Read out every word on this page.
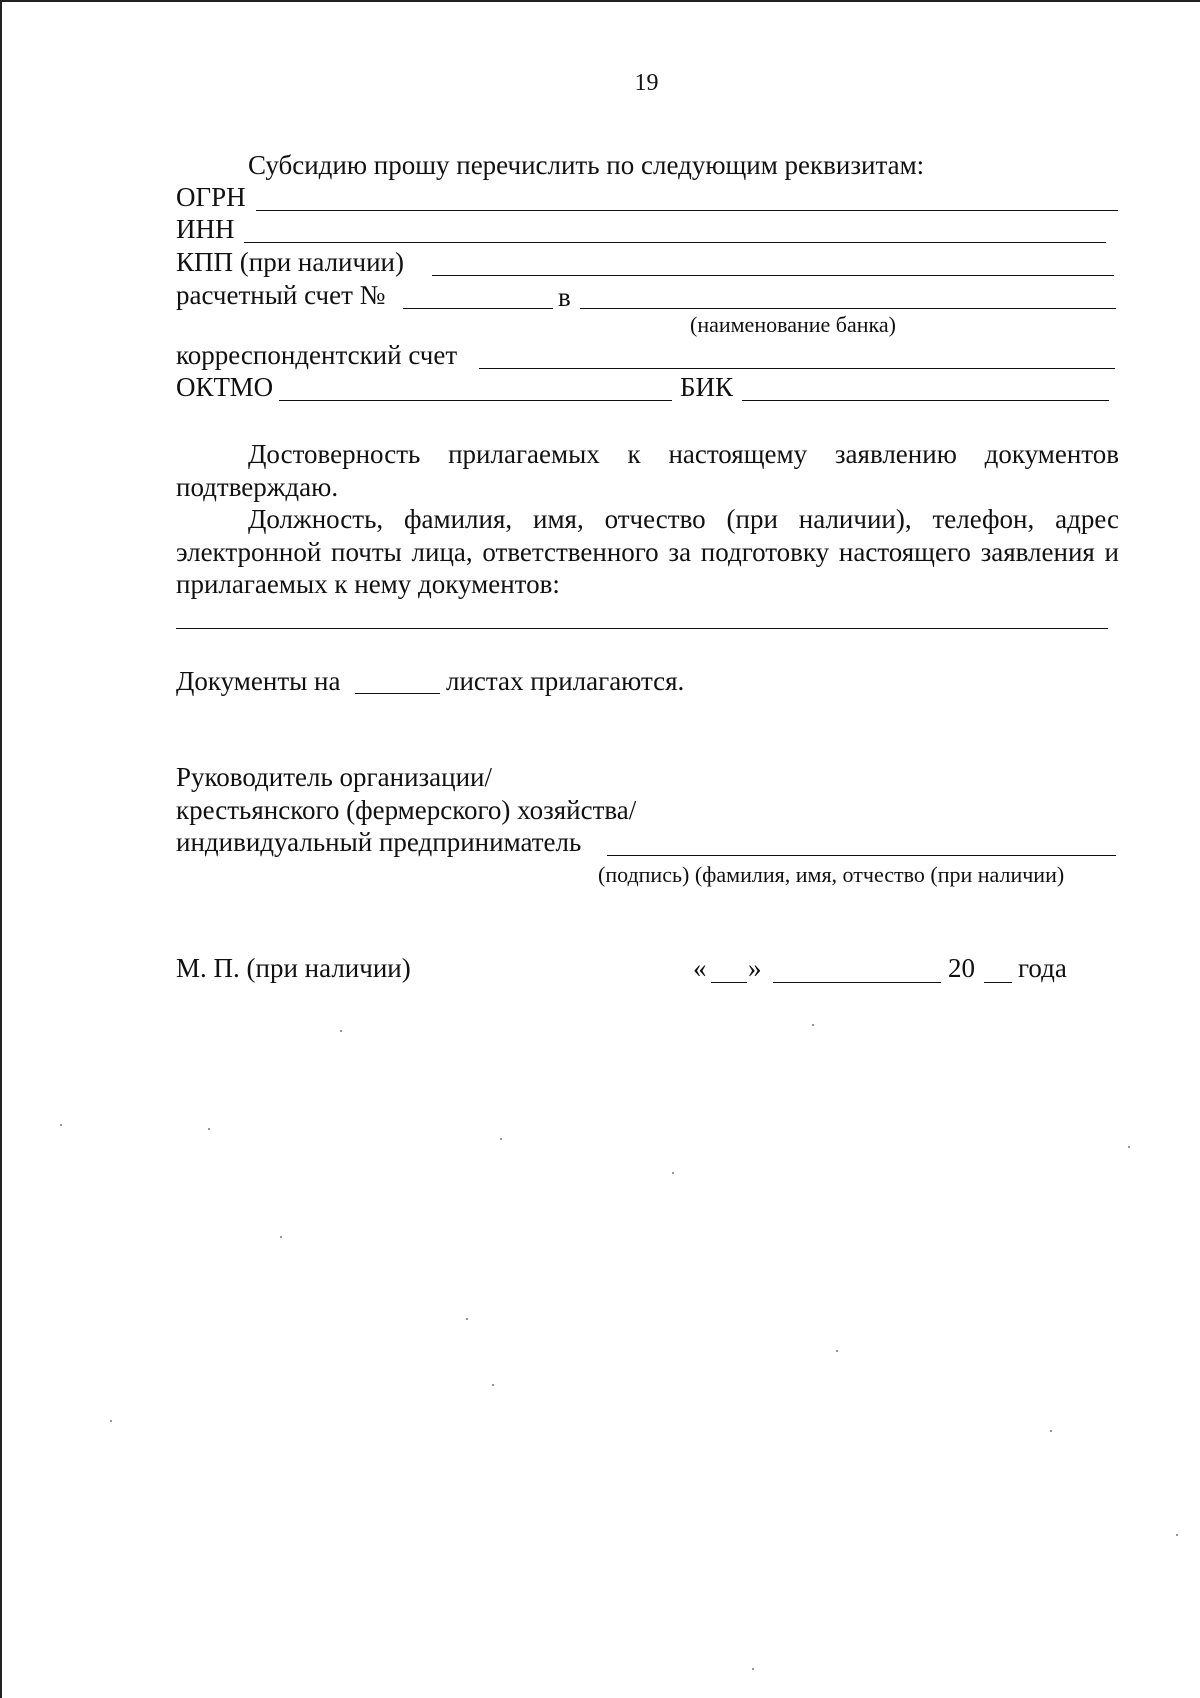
19
Субсидию прошу перечислить по следующим реквизитам:
ОГРН
ИНН
КПП (при наличии)
расчетный счет №	в
(наименование банка)
корреспондентский счет
ОКТМО	БИК
Достоверность прилагаемых к настоящему заявлению документов подтверждаю.
Должность, фамилия, имя, отчество (при наличии), телефон, адрес электронной почты лица, ответственного за подготовку настоящего заявления и прилагаемых к нему документов:
Документы на	листах прилагаются.
Руководитель организации/
крестьянского (фермерского) хозяйства/
индивидуальный предприниматель
(подпись) (фамилия, имя, отчество (при наличии)
М. П. (при наличии)	« »	20 года
